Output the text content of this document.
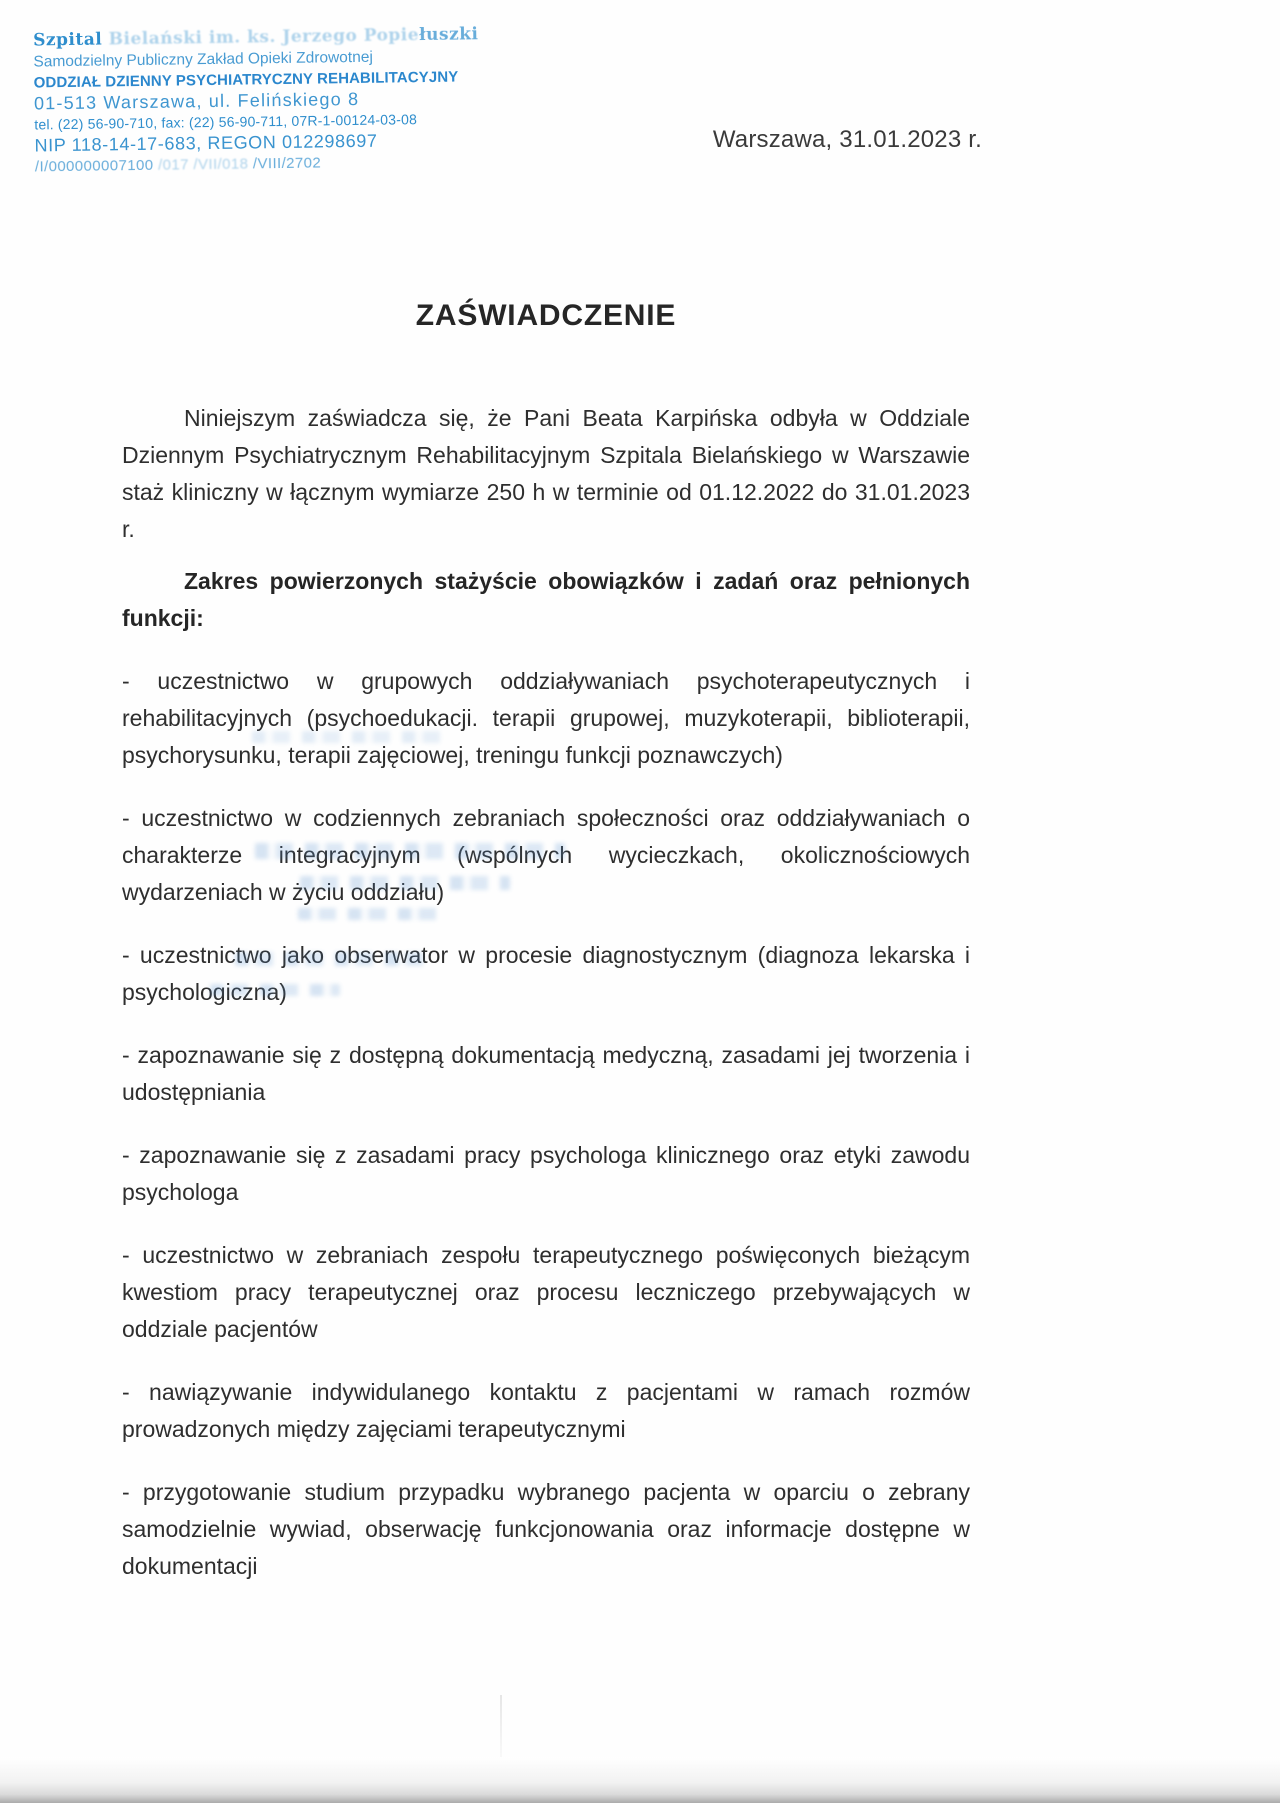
Szpital Bielański im. ks. Jerzego Popiełuszki
Samodzielny Publiczny Zakład Opieki Zdrowotnej
ODDZIAŁ DZIENNY PSYCHIATRYCZNY REHABILITACYJNY
01-513 Warszawa, ul. Felińskiego 8
tel. (22) 56-90-710, fax: (22) 56-90-711, 07R-1-00124-03-08
NIP 118-14-17-683, REGON 012298697
/I/000000007100 /017 /VII/018 /VIII/2702
Warszawa, 31.01.2023 r.
ZAŚWIADCZENIE

Niniejszym zaświadcza się, że Pani Beata Karpińska odbyła w Oddziale Dziennym Psychiatrycznym Rehabilitacyjnym Szpitala Bielańskiego w Warszawie staż kliniczny w łącznym wymiarze 250 h w terminie od 01.12.2022 do 31.01.2023 r.

Zakres powierzonych stażyście obowiązków i zadań oraz pełnionych funkcji:

- uczestnictwo w grupowych oddziaływaniach psychoterapeutycznych i rehabilitacyjnych (psychoedukacji. terapii grupowej, muzykoterapii, biblioterapii, psychorysunku, terapii zajęciowej, treningu funkcji poznawczych)

- uczestnictwo w codziennych zebraniach społeczności oraz oddziaływaniach o charakterze integracyjnym (wspólnych wycieczkach, okolicznościowych wydarzeniach w życiu oddziału)

- uczestnictwo jako obserwator w procesie diagnostycznym (diagnoza lekarska i psychologiczna)

- zapoznawanie się z dostępną dokumentacją medyczną, zasadami jej tworzenia i udostępniania

- zapoznawanie się z zasadami pracy psychologa klinicznego oraz etyki zawodu psychologa

- uczestnictwo w zebraniach zespołu terapeutycznego poświęconych bieżącym kwestiom pracy terapeutycznej oraz procesu leczniczego przebywających w oddziale pacjentów

- nawiązywanie indywidulanego kontaktu z pacjentami w ramach rozmów prowadzonych między zajęciami terapeutycznymi

- przygotowanie studium przypadku wybranego pacjenta w oparciu o zebrany samodzielnie wywiad, obserwację funkcjonowania oraz informacje dostępne w dokumentacji
